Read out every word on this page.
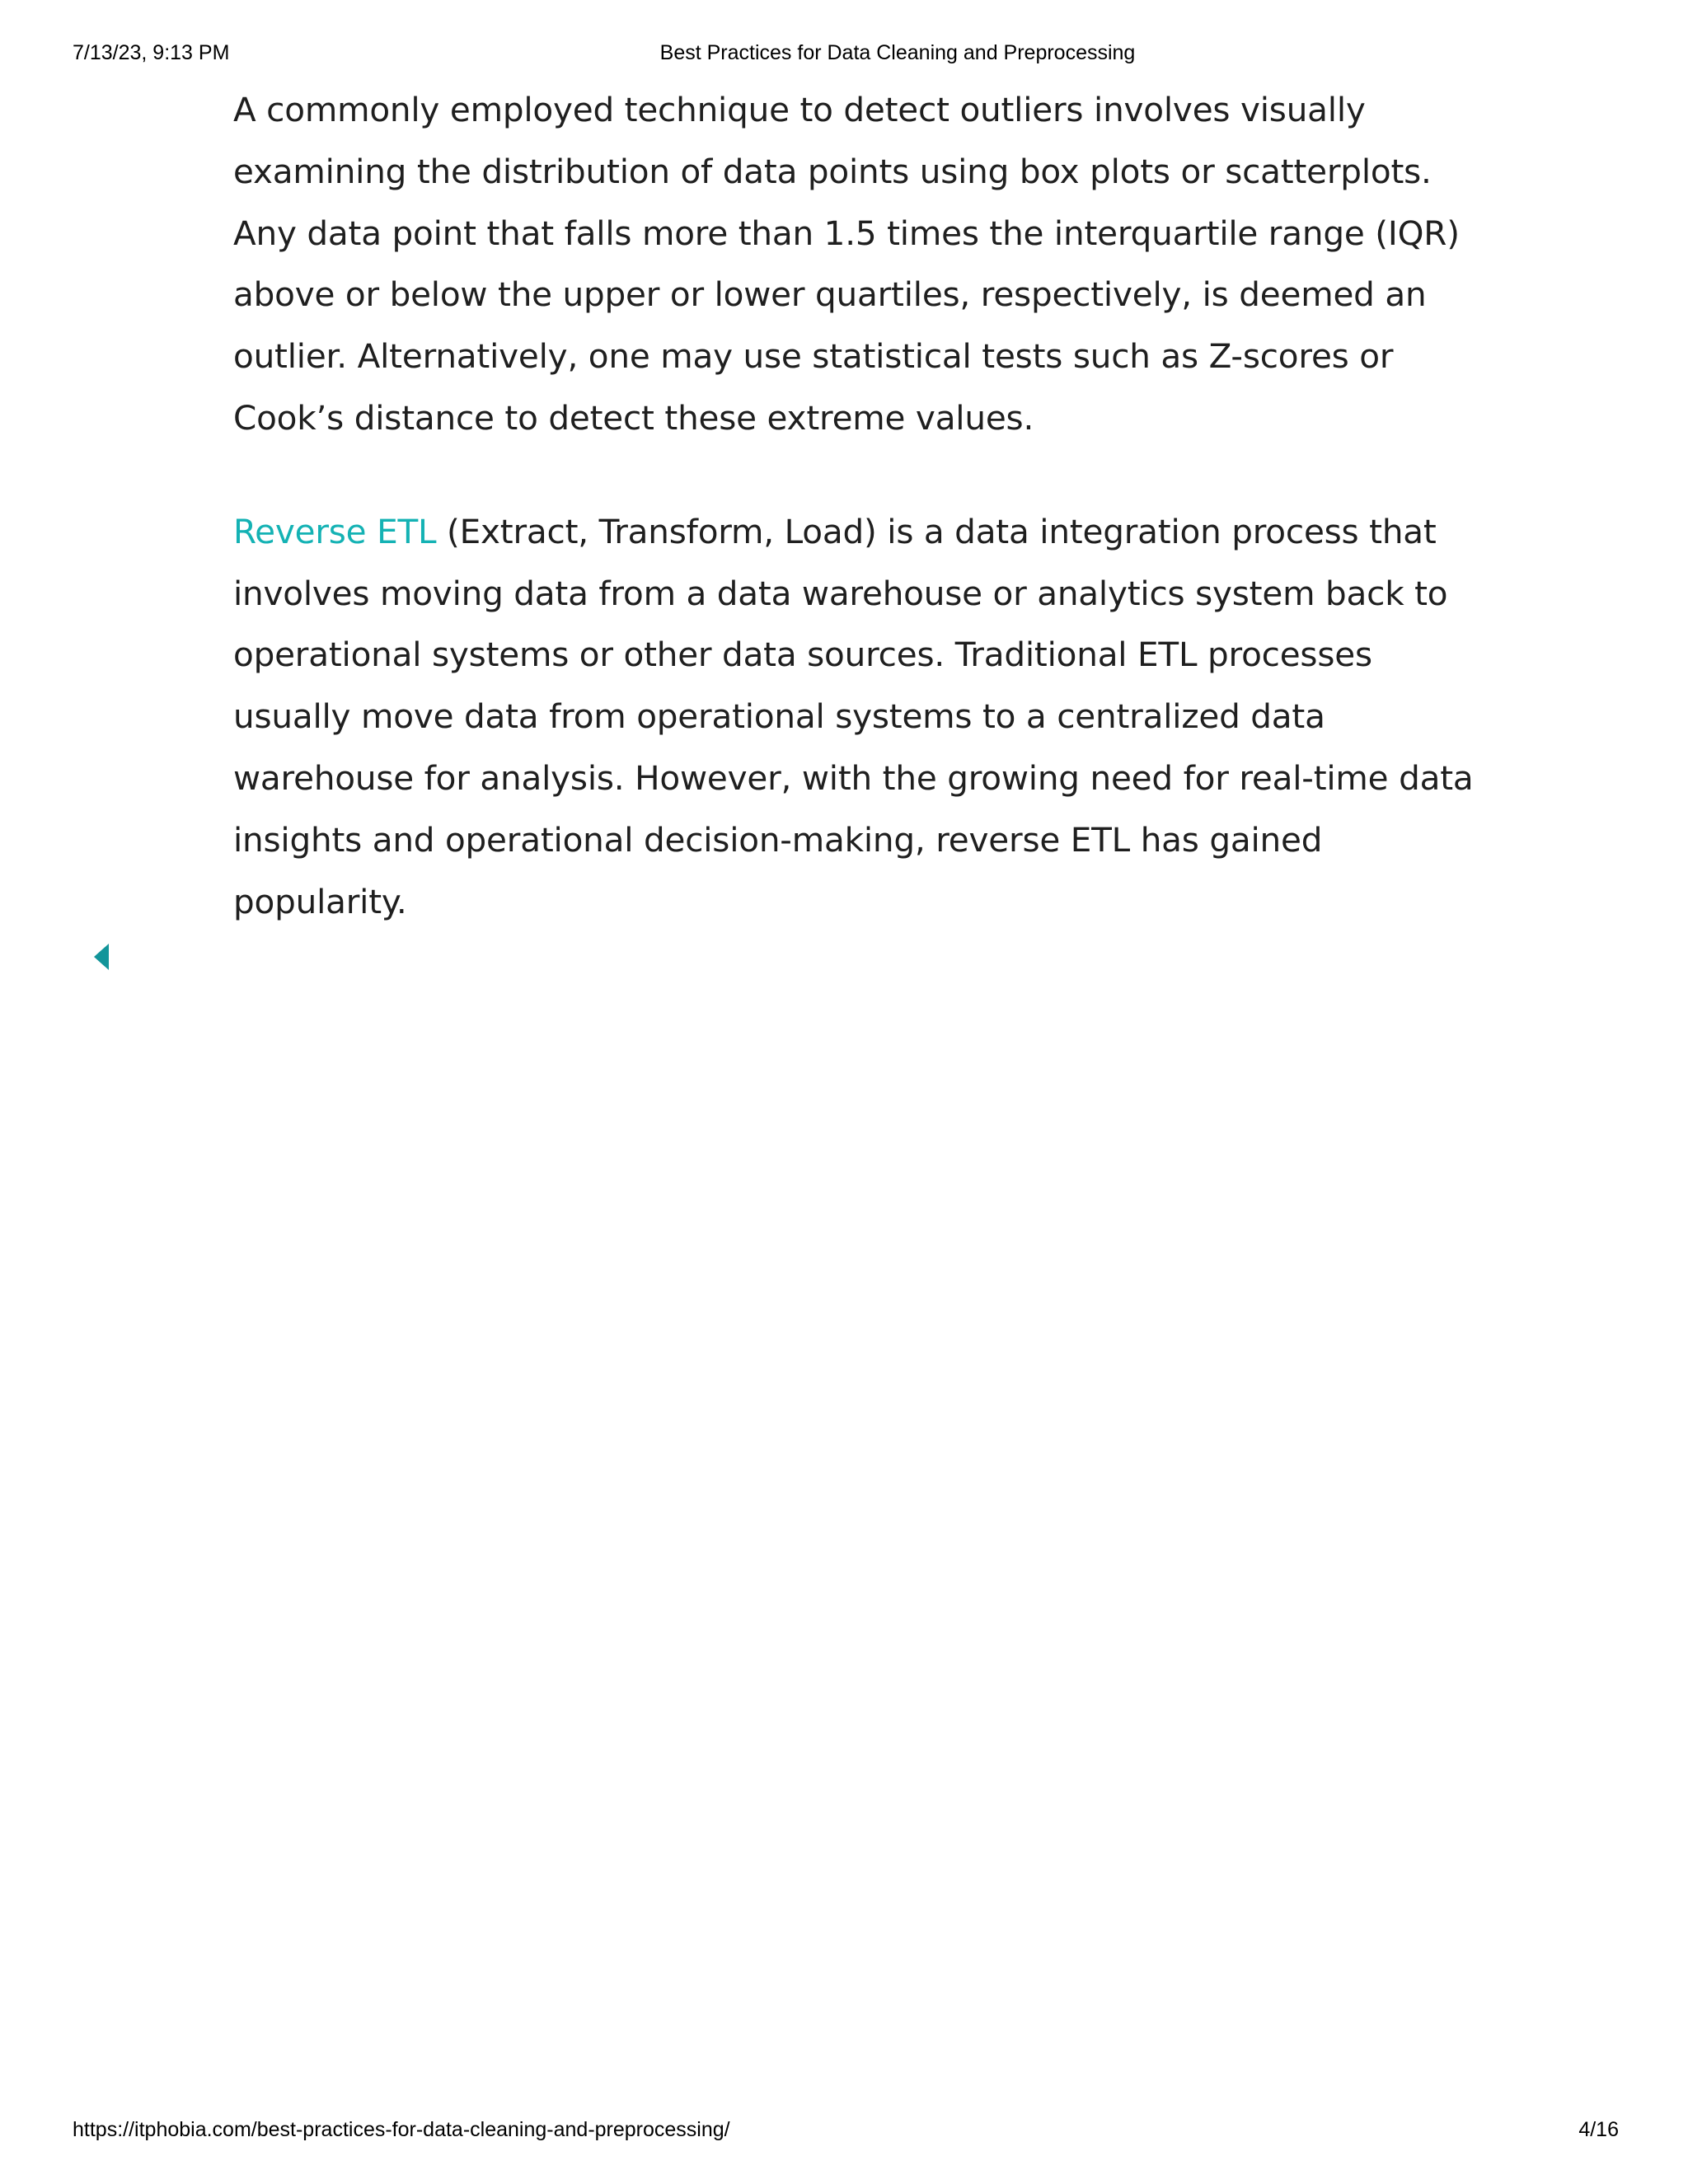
7/13/23, 9:13 PM	Best Practices for Data Cleaning and Preprocessing

A commonly employed technique to detect outliers involves visually
examining the distribution of data points using box plots or scatterplots.
Any data point that falls more than 1.5 times the interquartile range (IQR)
above or below the upper or lower quartiles, respectively, is deemed an
outlier. Alternatively, one may use statistical tests such as Z-scores or
Cook’s distance to detect these extreme values.

Reverse ETL (Extract, Transform, Load) is a data integration process that
involves moving data from a data warehouse or analytics system back to
operational systems or other data sources. Traditional ETL processes
usually move data from operational systems to a centralized data
warehouse for analysis. However, with the growing need for real-time data
insights and operational decision-making, reverse ETL has gained
popularity.

https://itphobia.com/best-practices-for-data-cleaning-and-preprocessing/	4/16
